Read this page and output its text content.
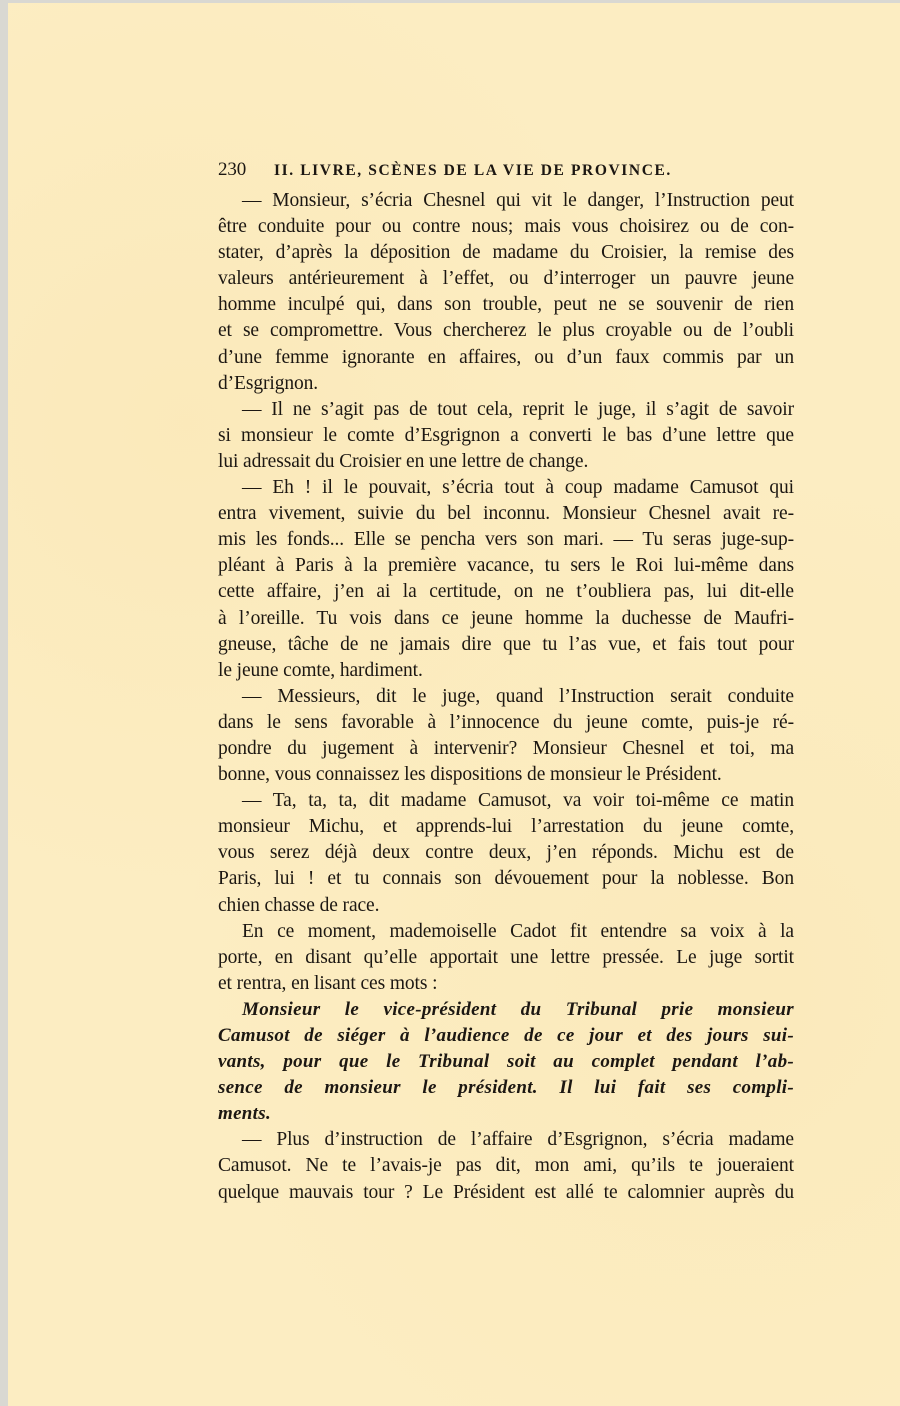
230	II. LIVRE, SCÈNES DE LA VIE DE PROVINCE.
— Monsieur, s’écria Chesnel qui vit le danger, l’Instruction peut
être conduite pour ou contre nous; mais vous choisirez ou de con-
stater, d’après la déposition de madame du Croisier, la remise des
valeurs antérieurement à l’effet, ou d’interroger un pauvre jeune
homme inculpé qui, dans son trouble, peut ne se souvenir de rien
et se compromettre. Vous chercherez le plus croyable ou de l’oubli
d’une femme ignorante en affaires, ou d’un faux commis par un
d’Esgrignon.
— Il ne s’agit pas de tout cela, reprit le juge, il s’agit de savoir
si monsieur le comte d’Esgrignon a converti le bas d’une lettre que
lui adressait du Croisier en une lettre de change.
— Eh ! il le pouvait, s’écria tout à coup madame Camusot qui
entra vivement, suivie du bel inconnu. Monsieur Chesnel avait re-
mis les fonds... Elle se pencha vers son mari. — Tu seras juge-sup-
pléant à Paris à la première vacance, tu sers le Roi lui-même dans
cette affaire, j’en ai la certitude, on ne t’oubliera pas, lui dit-elle
à l’oreille. Tu vois dans ce jeune homme la duchesse de Maufri-
gneuse, tâche de ne jamais dire que tu l’as vue, et fais tout pour
le jeune comte, hardiment.
— Messieurs, dit le juge, quand l’Instruction serait conduite
dans le sens favorable à l’innocence du jeune comte, puis-je ré-
pondre du jugement à intervenir? Monsieur Chesnel et toi, ma
bonne, vous connaissez les dispositions de monsieur le Président.
— Ta, ta, ta, dit madame Camusot, va voir toi-même ce matin
monsieur Michu, et apprends-lui l’arrestation du jeune comte,
vous serez déjà deux contre deux, j’en réponds. Michu est de
Paris, lui ! et tu connais son dévouement pour la noblesse. Bon
chien chasse de race.
En ce moment, mademoiselle Cadot fit entendre sa voix à la
porte, en disant qu’elle apportait une lettre pressée. Le juge sortit
et rentra, en lisant ces mots :
Monsieur le vice-président du Tribunal prie monsieur
Camusot de siéger à l’audience de ce jour et des jours sui-
vants, pour que le Tribunal soit au complet pendant l’ab-
sence de monsieur le président. Il lui fait ses compli-
ments.
— Plus d’instruction de l’affaire d’Esgrignon, s’écria madame
Camusot. Ne te l’avais-je pas dit, mon ami, qu’ils te joueraient
quelque mauvais tour ? Le Président est allé te calomnier auprès du
